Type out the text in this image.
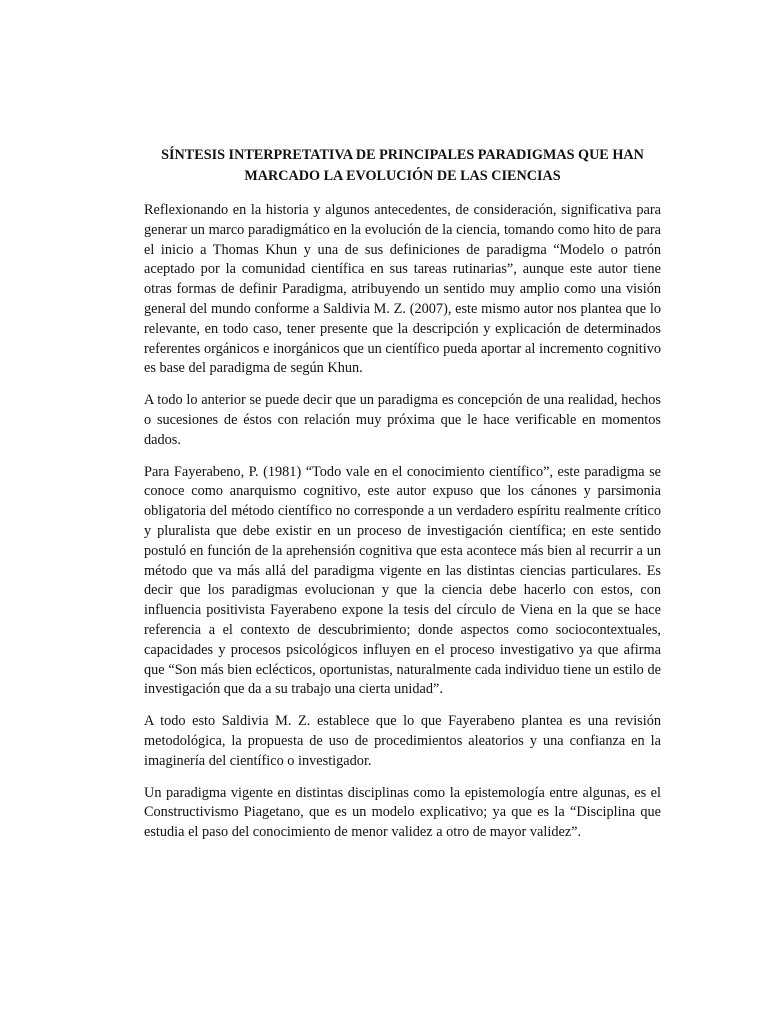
SÍNTESIS INTERPRETATIVA DE PRINCIPALES PARADIGMAS QUE HAN
MARCADO LA EVOLUCIÓN DE LAS CIENCIAS

Reflexionando en la historia y algunos antecedentes, de consideración, significativa para generar un marco paradigmático en la evolución de la ciencia, tomando como hito de para el inicio a Thomas Khun y una de sus definiciones de paradigma “Modelo o patrón aceptado por la comunidad científica en sus tareas rutinarias”, aunque este autor tiene otras formas de definir Paradigma, atribuyendo un sentido muy amplio como una visión general del mundo conforme a Saldivia M. Z. (2007), este mismo autor nos plantea que lo relevante, en todo caso, tener presente que la descripción y explicación de determinados referentes orgánicos e inorgánicos que un científico pueda aportar al incremento cognitivo es base del paradigma de según Khun.

A todo lo anterior se puede decir que un paradigma es concepción de una realidad, hechos o sucesiones de éstos con relación muy próxima que le hace verificable en momentos dados.

Para Fayerabeno, P. (1981) “Todo vale en el conocimiento científico”, este paradigma se conoce como anarquismo cognitivo, este autor expuso que los cánones y parsimonia obligatoria del método científico no corresponde a un verdadero espíritu realmente crítico y pluralista que debe existir en un proceso de investigación científica; en este sentido postuló en función de la aprehensión cognitiva que esta acontece más bien al recurrir a un método que va más allá del paradigma vigente en las distintas ciencias particulares. Es decir que los paradigmas evolucionan y que la ciencia debe hacerlo con estos, con influencia positivista Fayerabeno expone la tesis del círculo de Viena en la que se hace referencia a el contexto de descubrimiento; donde aspectos como sociocontextuales, capacidades y procesos psicológicos influyen en el proceso investigativo ya que afirma que “Son más bien eclécticos, oportunistas, naturalmente cada individuo tiene un estilo de investigación que da a su trabajo una cierta unidad”.

A todo esto Saldivia M. Z. establece que lo que Fayerabeno plantea es una revisión metodológica, la propuesta de uso de procedimientos aleatorios y una confianza en la imaginería del científico o investigador.

Un paradigma vigente en distintas disciplinas como la epistemología entre algunas, es el Constructivismo Piagetano, que es un modelo explicativo; ya que es la “Disciplina que estudia el paso del conocimiento de menor validez a otro de mayor validez”.
